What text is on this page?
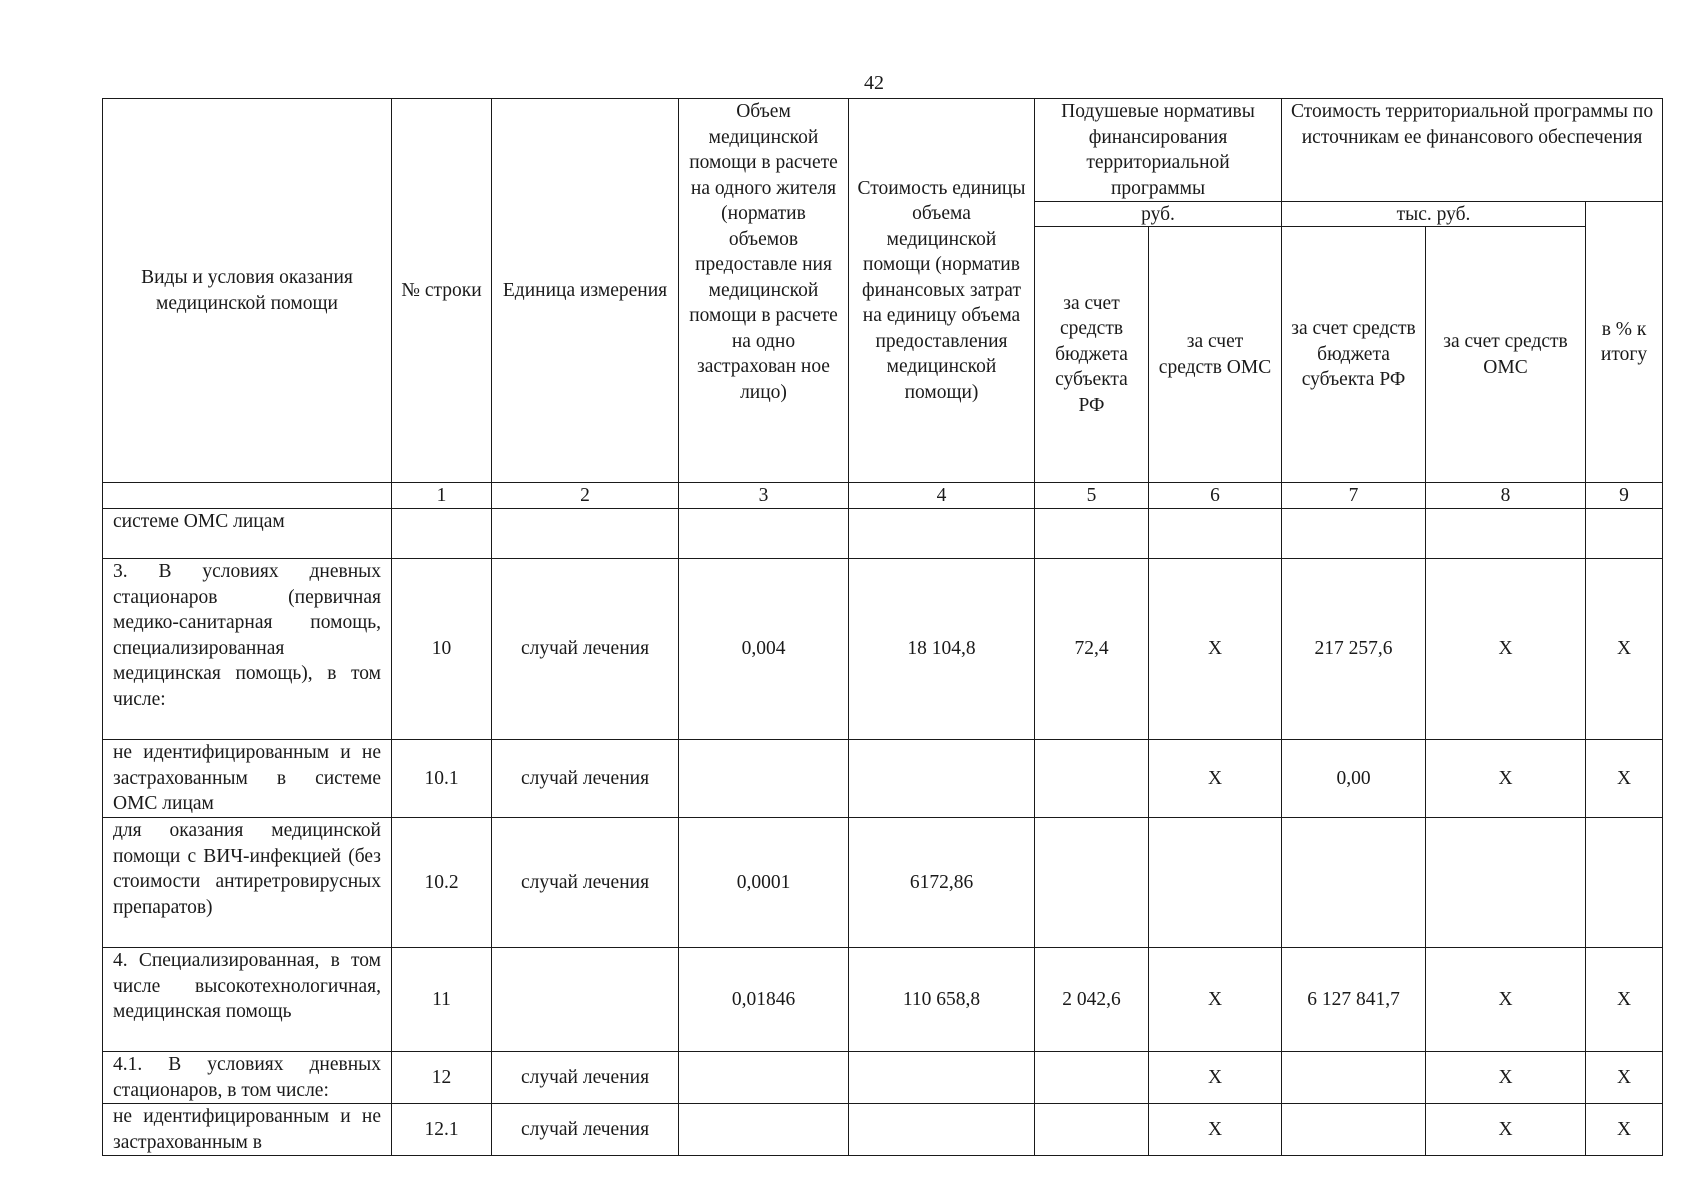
42
Виды и условия оказания медицинской помощи	№ строки	Единица измерения	Объем медицинской помощи в расчете на одного жителя (норматив объемов предоставле ния медицинской помощи в расчете на одно застрахован ное лицо)	Стоимость единицы объема медицинской помощи (норматив финансовых затрат на единицу объема предоставления медицинской помощи)	Подушевые нормативы финансирования территориальной программы		Стоимость территориальной программы по источникам ее финансового обеспечения		
					руб.		тыс. руб.		в % к итогу
					за счет средств бюджета субъекта РФ	за счет средств ОМС	за счет средств бюджета субъекта РФ	за счет средств ОМС	
	1	2	3	4	5	6	7	8	9
системе ОМС лицам									
3. В условиях дневных стационаров (первичная медико-санитарная помощь, специализированная медицинская помощь), в том числе:	10	случай лечения	0,004	18 104,8	72,4	X	217 257,6	X	X
не идентифицированным и не застрахованным в системе ОМС лицам	10.1	случай лечения				X	0,00	X	X
для оказания медицинской помощи с ВИЧ-инфекцией (без стоимости антиретровирусных препаратов)	10.2	случай лечения	0,0001	6172,86					
4. Специализированная, в том числе высокотехнологичная, медицинская помощь	11		0,01846	110 658,8	2 042,6	X	6 127 841,7	X	X
4.1. В условиях дневных стационаров, в том числе:	12	случай лечения				X		X	X
не идентифицированным и не застрахованным в	12.1	случай лечения				X		X	X
